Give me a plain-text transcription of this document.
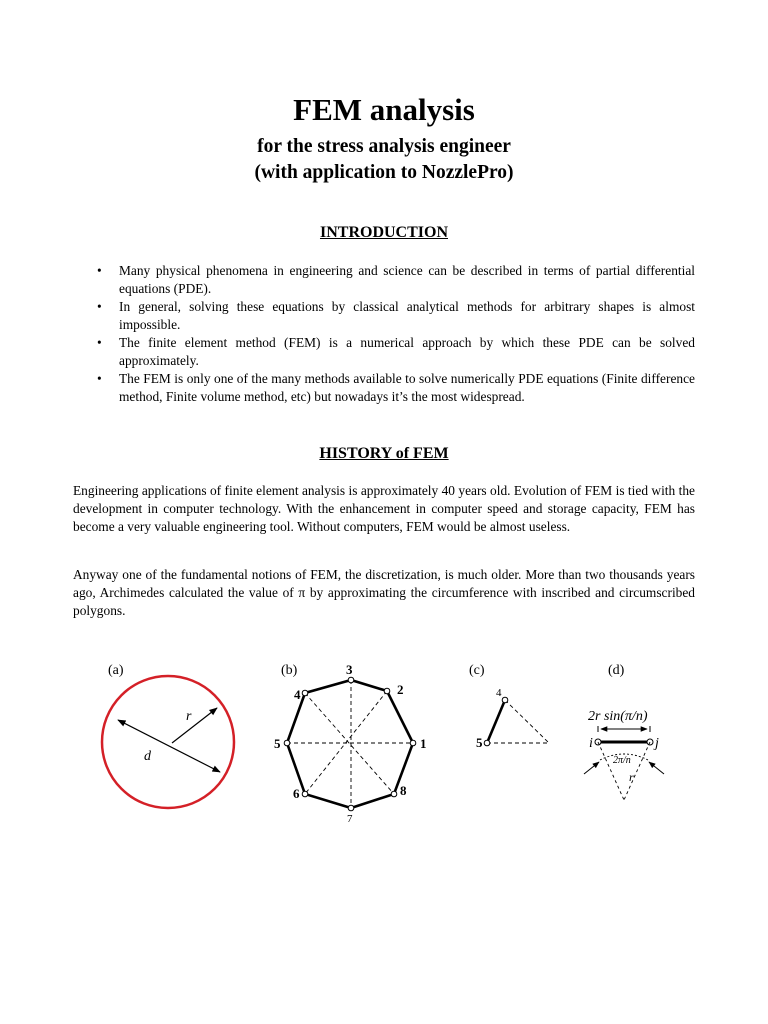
FEM analysis
for the stress analysis engineer
(with application to NozzlePro)
INTRODUCTION
• Many physical phenomena in engineering and science can be described in terms of partial differential equations (PDE).
• In general, solving these equations by classical analytical methods for arbitrary shapes is almost impossible.
• The finite element method (FEM) is a numerical approach by which these PDE can be solved approximately.
• The FEM is only one of the many methods available to solve numerically PDE equations (Finite difference method, Finite volume method, etc) but nowadays it’s the most widespread.
HISTORY of FEM

Engineering applications of finite element analysis is approximately 40 years old. Evolution of FEM is tied with the development in computer technology. With the enhancement in computer speed and storage capacity, FEM has become a very valuable engineering tool. Without computers, FEM would be almost useless.

Anyway one of the fundamental notions of FEM, the discretization, is much older. More than two thousands years ago, Archimedes calculated the value of π by approximating the circumference with inscribed and circumscribed polygons.

(a)
r
d
(b)
1
2
3
4
5
6
7
8
(c)
4
5
(d)
2r sin(π/n)
i	j
2π/n
r
